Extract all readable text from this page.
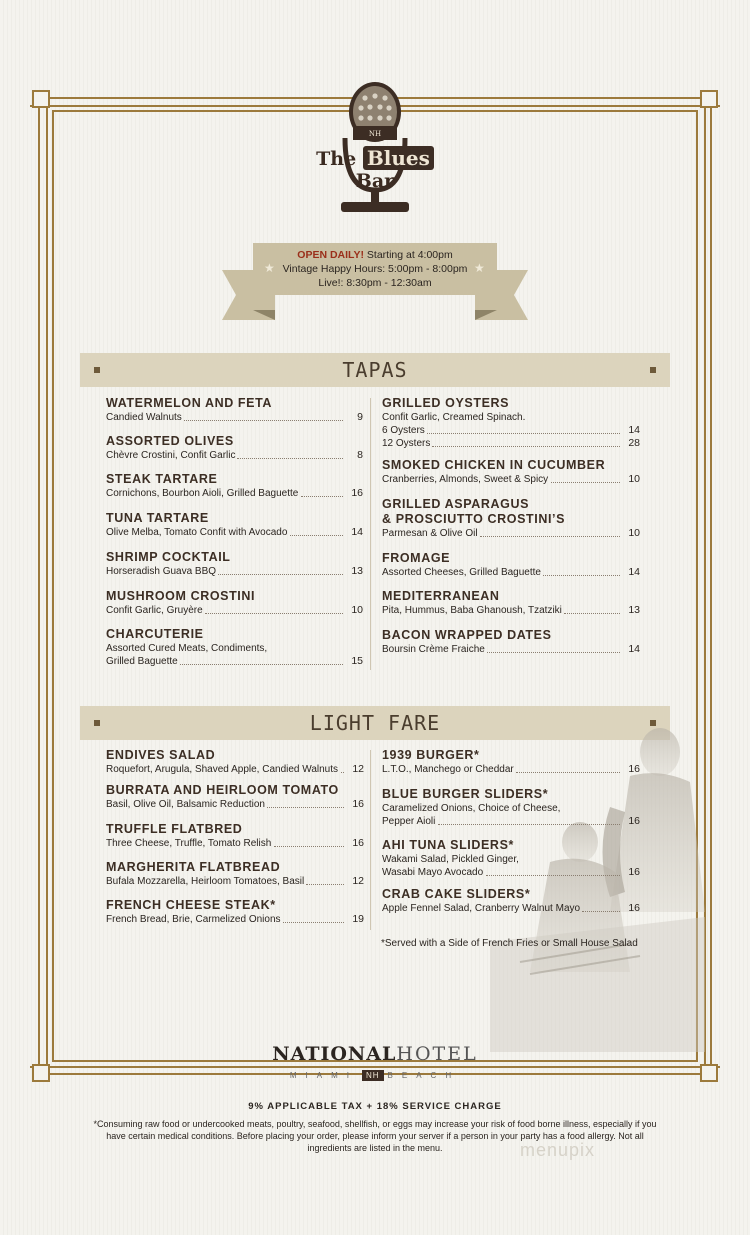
The Blues Bar
NH
★	★
OPEN DAILY! Starting at 4:00pm
Vintage Happy Hours: 5:00pm - 8:00pm
Live!: 8:30pm - 12:30am
TAPAS
WATERMELON AND FETA
Candied Walnuts	9
ASSORTED OLIVES
Chèvre Crostini, Confit Garlic	8
STEAK TARTARE
Cornichons, Bourbon Aioli, Grilled Baguette	16
TUNA TARTARE
Olive Melba, Tomato Confit with Avocado	14
SHRIMP COCKTAIL
Horseradish Guava BBQ	13
MUSHROOM CROSTINI
Confit Garlic, Gruyère	10
CHARCUTERIE
Assorted Cured Meats, Condiments,
Grilled Baguette	15
GRILLED OYSTERS
Confit Garlic, Creamed Spinach.
6 Oysters	14
12 Oysters	28
SMOKED CHICKEN IN CUCUMBER
Cranberries, Almonds, Sweet & Spicy	10
GRILLED ASPARAGUS
& PROSCIUTTO CROSTINI’S
Parmesan & Olive Oil	10
FROMAGE
Assorted Cheeses, Grilled Baguette	14
MEDITERRANEAN
Pita, Hummus, Baba Ghanoush, Tzatziki	13
BACON WRAPPED DATES
Boursin Crème Fraiche	14
LIGHT FARE
ENDIVES SALAD
Roquefort, Arugula, Shaved Apple, Candied Walnuts 12
BURRATA AND HEIRLOOM TOMATO
Basil, Olive Oil, Balsamic Reduction	16
TRUFFLE FLATBRED
Three Cheese, Truffle, Tomato Relish	16
MARGHERITA FLATBREAD
Bufala Mozzarella, Heirloom Tomatoes, Basil	12
FRENCH CHEESE STEAK*
French Bread, Brie, Carmelized Onions	19
1939 BURGER*
L.T.O., Manchego or Cheddar	16
BLUE BURGER SLIDERS*
Caramelized Onions, Choice of Cheese,
Pepper Aioli	16
AHI TUNA SLIDERS*
Wakami Salad, Pickled Ginger,
Wasabi Mayo Avocado	16
CRAB CAKE SLIDERS*
Apple Fennel Salad, Cranberry Walnut Mayo	16
*Served with a Side of French Fries or Small House Salad
NATIONALHOTEL
MIAMI NH BEACH
9% APPLICABLE TAX + 18% SERVICE CHARGE
*Consuming raw food or undercooked meats, poultry, seafood, shellfish, or eggs may increase your risk of food borne illness, especially if you have certain medical conditions. Before placing your order, please inform your server if a person in your party has a food allergy. Not all ingredients are listed in the menu.	menupix
